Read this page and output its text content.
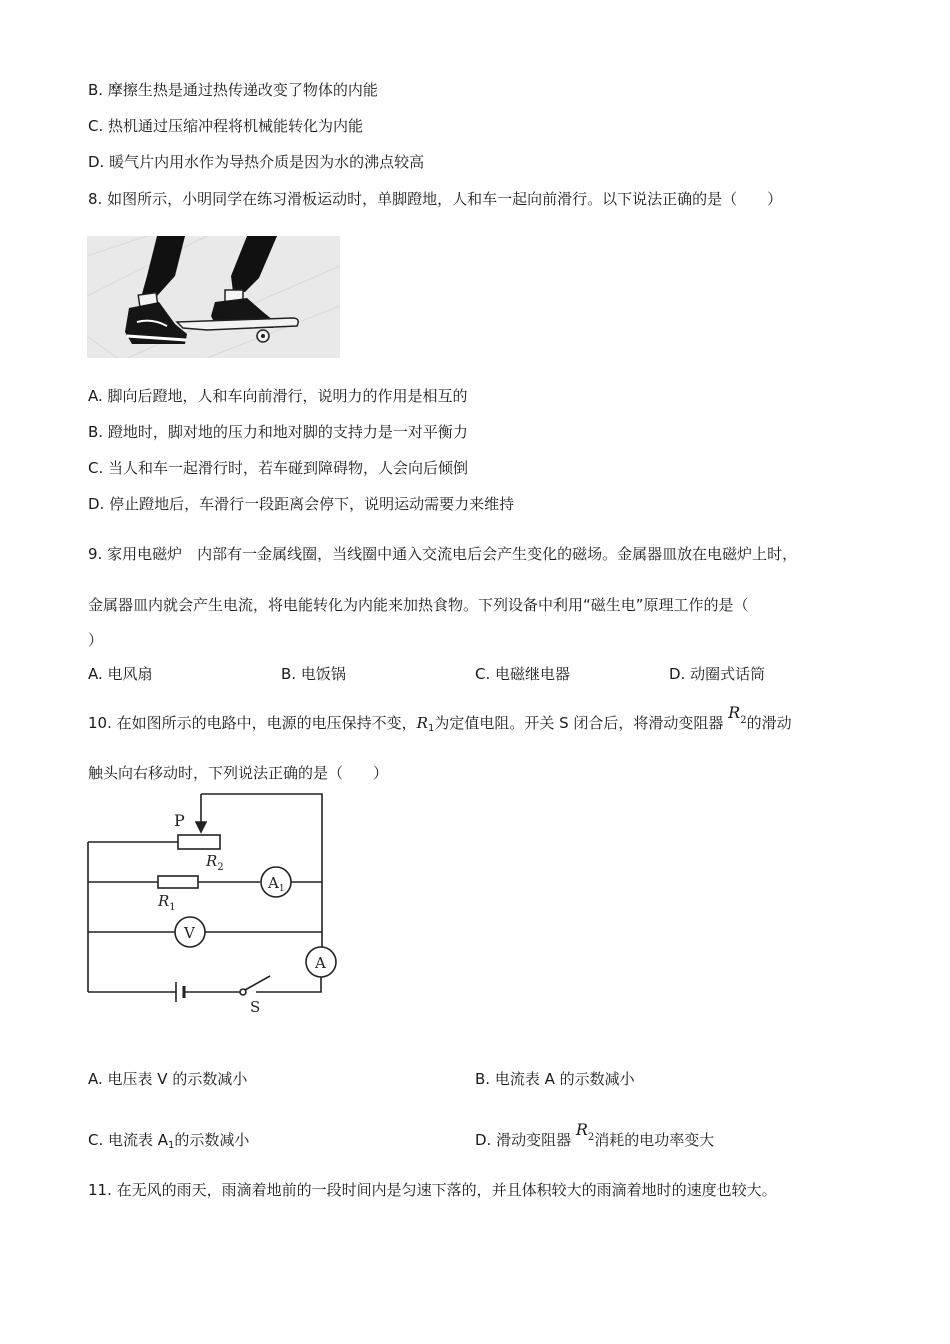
B. 摩擦生热是通过热传递改变了物体的内能
C. 热机通过压缩冲程将机械能转化为内能
D. 暖气片内用水作为导热介质是因为水的沸点较高
8. 如图所示，小明同学在练习滑板运动时，单脚蹬地，人和车一起向前滑行。以下说法正确的是（　　）
A. 脚向后蹬地，人和车向前滑行，说明力的作用是相互的
B. 蹬地时，脚对地的压力和地对脚的支持力是一对平衡力
C. 当人和车一起滑行时，若车碰到障碍物，人会向后倾倒
D. 停止蹬地后，车滑行一段距离会停下，说明运动需要力来维持
9. 家用电磁炉　内部有一金属线圈，当线圈中通入交流电后会产生变化的磁场。金属器皿放在电磁炉上时，
金属器皿内就会产生电流，将电能转化为内能来加热食物。下列设备中利用“磁生电”原理工作的是（
）
A. 电风扇	B. 电饭锅	C. 电磁继电器	D. 动圈式话筒
10. 在如图所示的电路中，电源的电压保持不变，$R_1$为定值电阻。开关 S 闭合后，将滑动变阻器 $R_2$的滑动
触头向右移动时，下列说法正确的是（　　）
P
$R_2$
$R_1$
$A_1$
V
A
S
A. 电压表 V 的示数减小	B. 电流表 A 的示数减小
C. 电流表 $A_1$的示数减小	D. 滑动变阻器 $R_2$消耗的电功率变大
11. 在无风的雨天，雨滴着地前的一段时间内是匀速下落的，并且体积较大的雨滴着地时的速度也较大。
